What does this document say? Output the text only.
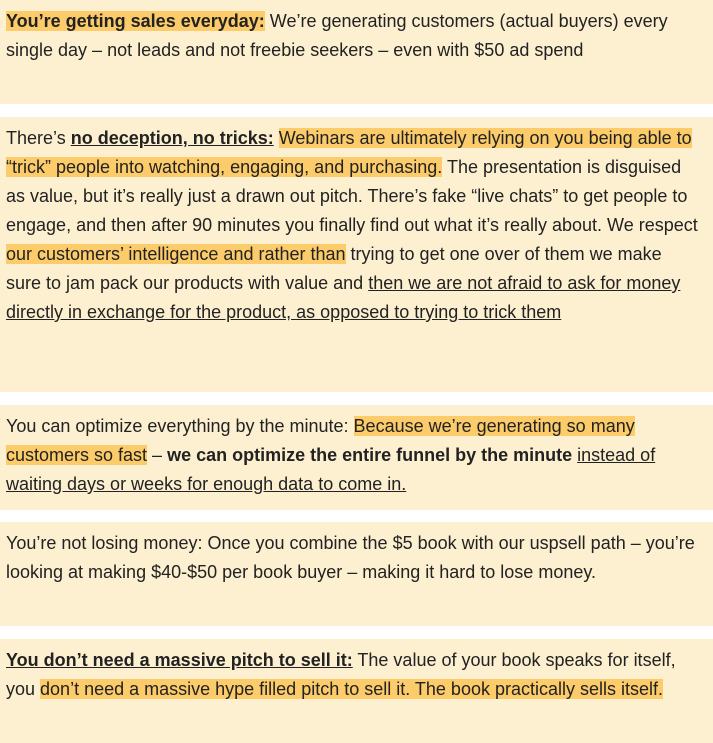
You’re getting sales everyday: We’re generating customers (actual buyers) every single day – not leads and not freebie seekers – even with $50 ad spend

There’s no deception, no tricks: Webinars are ultimately relying on you being able to “trick” people into watching, engaging, and purchasing. The presentation is disguised as value, but it’s really just a drawn out pitch. There’s fake “live chats” to get people to engage, and then after 90 minutes you finally find out what it’s really about. We respect our customers’ intelligence and rather than trying to get one over of them we make sure to jam pack our products with value and then we are not afraid to ask for money directly in exchange for the product, as opposed to trying to trick them

You can optimize everything by the minute: Because we’re generating so many customers so fast – we can optimize the entire funnel by the minute instead of waiting days or weeks for enough data to come in.

You’re not losing money: Once you combine the $5 book with our uspsell path – you’re looking at making $40-$50 per book buyer – making it hard to lose money.

You don’t need a massive pitch to sell it: The value of your book speaks for itself, you don’t need a massive hype filled pitch to sell it. The book practically sells itself.
